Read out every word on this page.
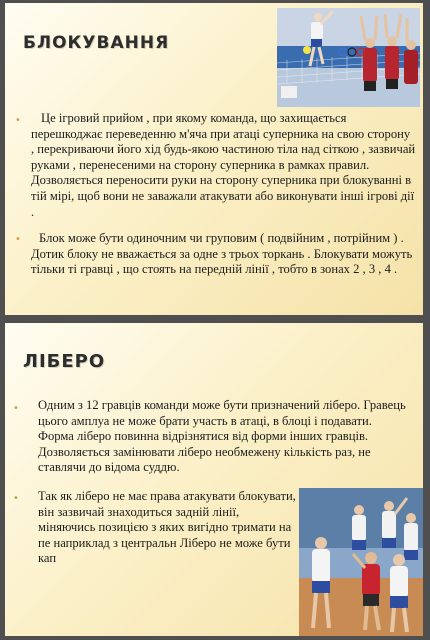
БЛОКУВАННЯ
•	Це ігровий прийом , при якому команда, що захищається перешкоджає переведенню м'яча при атаці суперника на свою сторону , перекриваючи його хід будь-якою частиною тіла над сіткою , зазвичай руками , перенесеними на сторону суперника в рамках правил. Дозволяється переносити руки на сторону суперника при блокуванні в тій мірі, щоб вони не заважали атакувати або виконувати інші ігрові дії .

•	Блок може бути одиночним чи груповим ( подвійним , потрійним ) . Дотик блоку не вважається за одне з трьох торкань . Блокувати можуть тільки ті гравці , що стоять на передній лінії , тобто в зонах 2 , 3 , 4 .

ЛІБЕРО
• Одним з 12 гравців команди може бути призначений ліберо. Гравець цього амплуа не може брати участь в атаці, в блоці і подавати. Форма ліберо повинна відрізнятися від форми інших гравців. Дозволяється замінювати ліберо необмежену кількість раз, не ставлячи до відома суддю.

• Так як ліберо не має права атакувати блокувати, він зазвичай знаходиться задній лінії, міняючись позицією з яких вигідно тримати на пе наприклад з центральн Ліберо не може бути кап
